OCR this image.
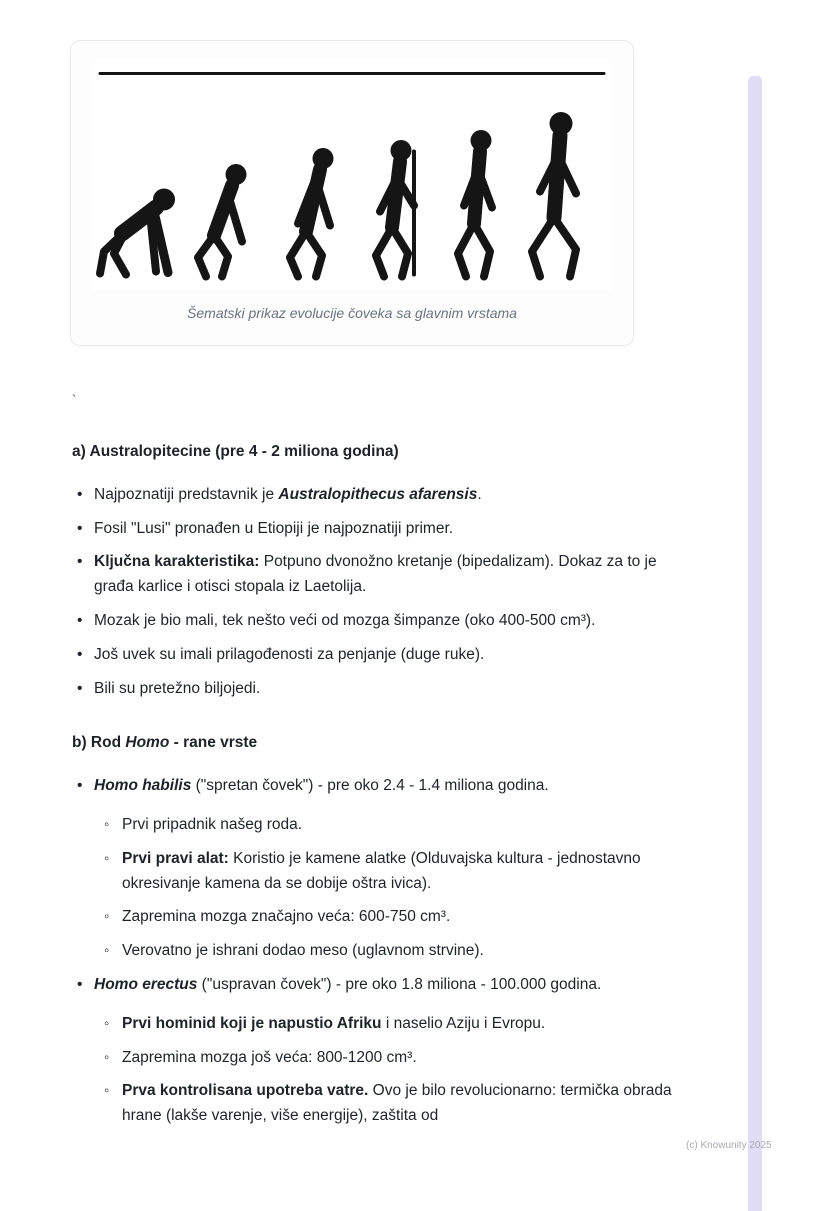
Šematski prikaz evolucije čoveka sa glavnim vrstama
`
a) Australopitecine (pre 4 - 2 miliona godina)
• Najpoznatiji predstavnik je Australopithecus afarensis.
• Fosil "Lusi" pronađen u Etiopiji je najpoznatiji primer.
• Ključna karakteristika: Potpuno dvonožno kretanje (bipedalizam). Dokaz za to je građa karlice i otisci stopala iz Laetolija.
• Mozak je bio mali, tek nešto veći od mozga šimpanze (oko 400-500 cm³).
• Još uvek su imali prilagođenosti za penjanje (duge ruke).
• Bili su pretežno biljojedi.
b) Rod Homo - rane vrste
• Homo habilis ("spretan čovek") - pre oko 2.4 - 1.4 miliona godina.
◦ Prvi pripadnik našeg roda.
◦ Prvi pravi alat: Koristio je kamene alatke (Olduvajska kultura - jednostavno okresivanje kamena da se dobije oštra ivica).
◦ Zapremina mozga značajno veća: 600-750 cm³.
◦ Verovatno je ishrani dodao meso (uglavnom strvine).
• Homo erectus ("uspravan čovek") - pre oko 1.8 miliona - 100.000 godina.
◦ Prvi hominid koji je napustio Afriku i naselio Aziju i Evropu.
◦ Zapremina mozga još veća: 800-1200 cm³.
◦ Prva kontrolisana upotreba vatre. Ovo je bilo revolucionarno: termička obrada hrane (lakše varenje, više energije), zaštita od
(c) Knowunity 2025
